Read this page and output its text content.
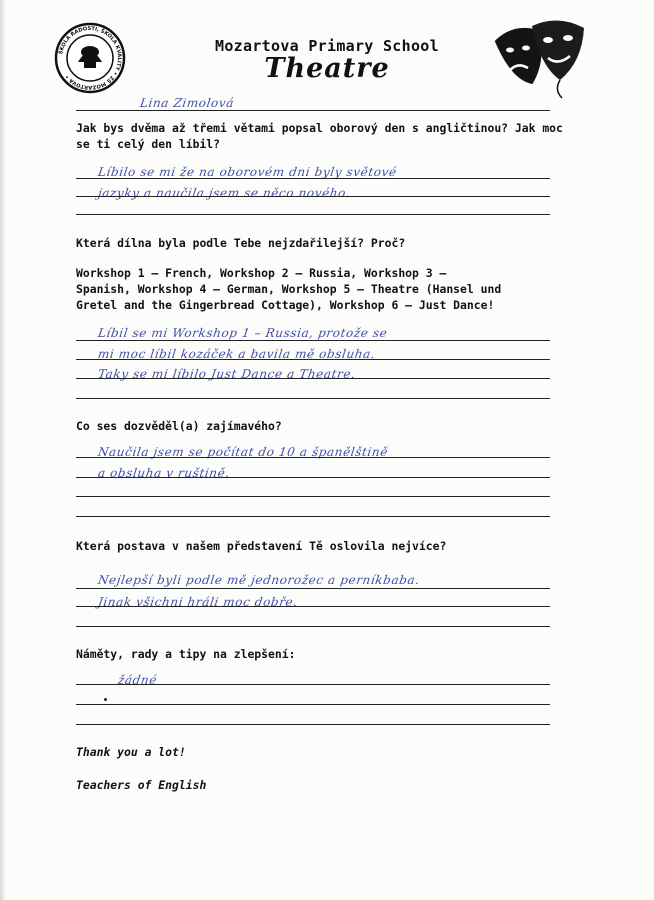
ŠKOLA RADOSTI, ŠKOLA KVALITY • ZŠ MOZARTOVA •
Mozartova Primary School
Theatre
Lina Zimolová
Jak bys dvěma až třemi větami popsal oborový den s angličtinou? Jak moc se ti celý den líbil?
Líbilo se mi že na oborovém dni byly světové
jazyky a naučila jsem se něco nového.
Která dílna byla podle Tebe nejzdařilejší? Proč?
Workshop 1 – French, Workshop 2 – Russia, Workshop 3 –
Spanish, Workshop 4 – German, Workshop 5 – Theatre (Hansel und
Gretel and the Gingerbread Cottage), Workshop 6 – Just Dance!
Líbil se mi Workshop 1 – Russia, protože se
mi moc líbil kozáček a bavila mě obsluha.
Taky se mi líbilo Just Dance a Theatre.
Co ses dozvěděl(a) zajímavého?
Naučila jsem se počítat do 10 a španělštině
a obsluha v ruštině.
Která postava v našem představení Tě oslovila nejvíce?
Nejlepší byli podle mě jednorožec a perníkbaba.
Jinak všichni hráli moc dobře.
Náměty, rady a tipy na zlepšení:
žádné
Thank you a lot!
Teachers of English
